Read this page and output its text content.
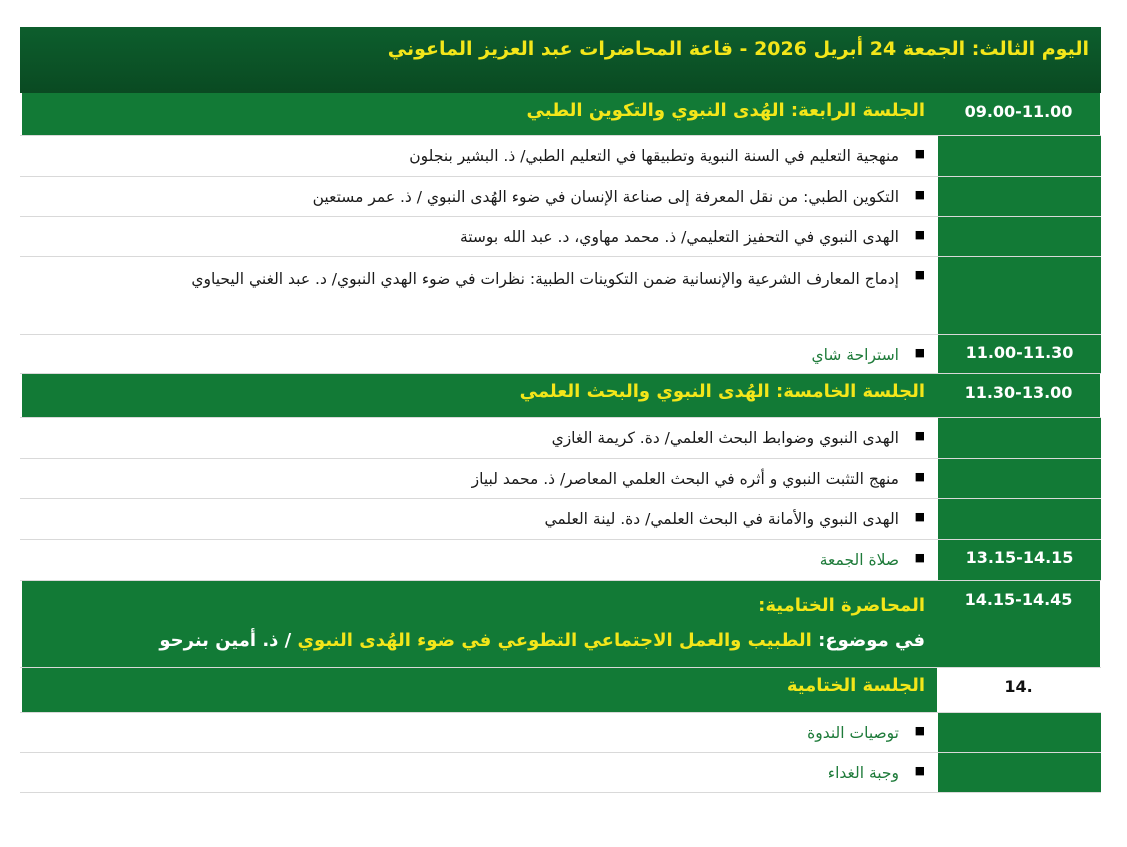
اليوم الثالث: الجمعة 24 أبريل 2026 - قاعة المحاضرات عبد العزيز الماعوني
09.00-11.00
الجلسة الرابعة: الهُدى النبوي والتكوين الطبي
■
منهجية التعليم في السنة النبوية وتطبيقها في التعليم الطبي/ ذ. البشير بنجلون
■
التكوين الطبي: من نقل المعرفة إلى صناعة الإنسان في ضوء الهُدى النبوي / ذ. عمر مستعين
■
الهدى النبوي في التحفيز التعليمي/ ذ. محمد مهاوي، د. عبد الله بوستة
■
إدماج المعارف الشرعية والإنسانية ضمن التكوينات الطبية: نظرات في ضوء الهدي النبوي/ د. عبد الغني اليحياوي
11.00-11.30
■
استراحة شاي
11.30-13.00
الجلسة الخامسة: الهُدى النبوي والبحث العلمي
■
الهدى النبوي وضوابط البحث العلمي/ دة. كريمة الغازي
■
منهج التثبت النبوي و أثره في البحث العلمي المعاصر/ ذ. محمد لبياز
■
الهدى النبوي والأمانة في البحث العلمي/ دة. لينة العلمي
13.15-14.15
■
صلاة الجمعة
14.15-14.45
المحاضرة الختامية:
في موضوع: الطبيب والعمل الاجتماعي التطوعي في ضوء الهُدى النبوي / ذ. أمين بنرحو
14.
الجلسة الختامية
■
توصيات الندوة
■
وجبة الغداء
